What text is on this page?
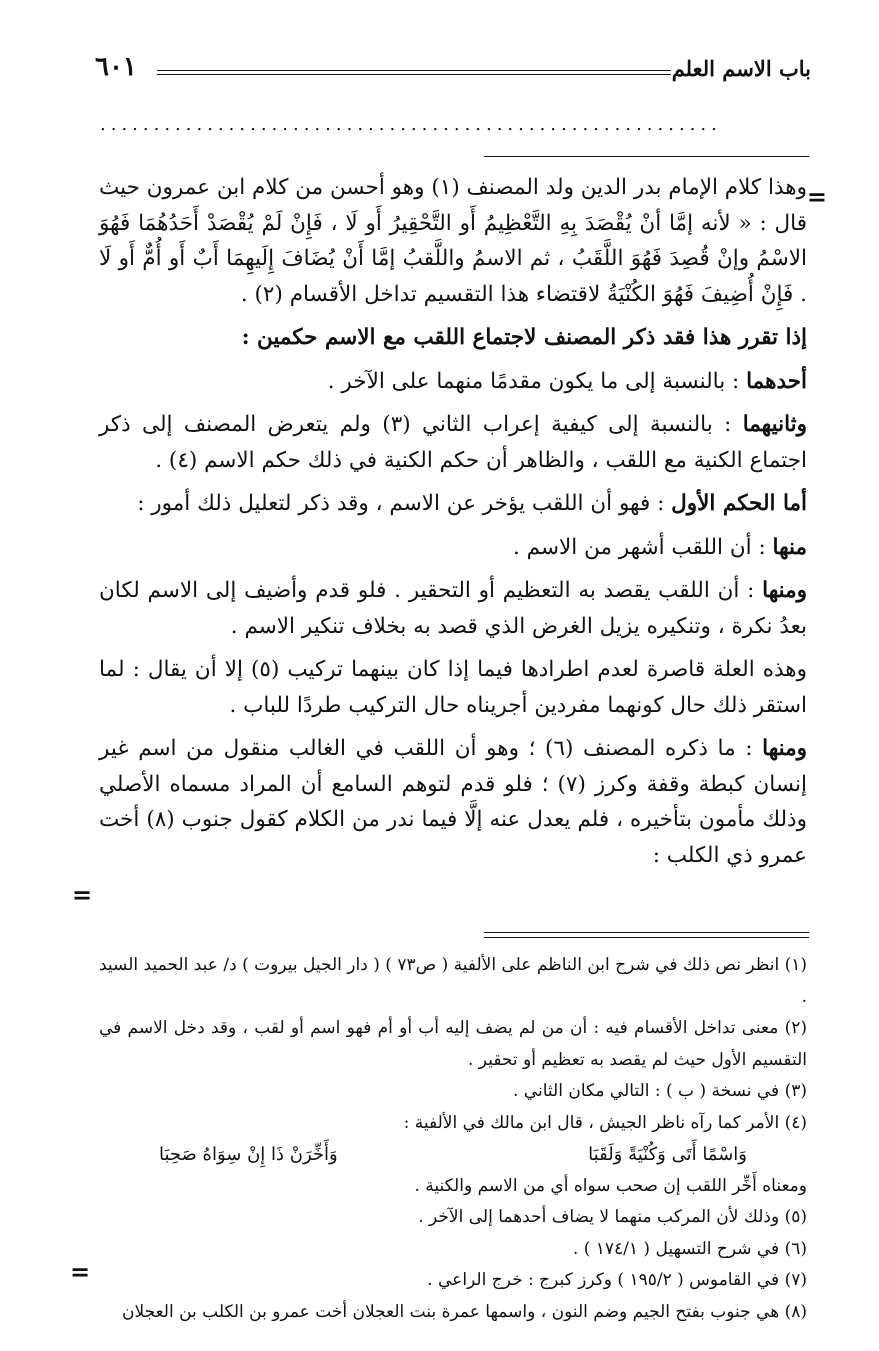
باب الاسم العلم
٦٠١
..........................................................
=

وهذا كلام الإمام بدر الدين ولد المصنف (١) وهو أحسن من كلام ابن عمرون حيث قال : « لأنه إمَّا أنْ يُقْصَدَ بِهِ التَّعْظِيمُ أَو التَّحْقِيرُ أَو لَا ، فَإِنْ لَمْ يُقْصَدْ أَحَدُهُمَا فَهُوَ الاسْمُ وإنْ قُصِدَ فَهُوَ اللَّقَبُ ، ثم الاسمُ واللَّقبُ إمَّا أَنْ يُضَافَ إِلَيهِمَا أَبٌ أَو أُمٌّ أَو لَا . فَإِنْ أُضِيفَ فَهُوَ الكُنْيَةُ لاقتضاء هذا التقسيم تداخل الأقسام (٢) .

إذا تقرر هذا فقد ذكر المصنف لاجتماع اللقب مع الاسم حكمين :

أحدهما : بالنسبة إلى ما يكون مقدمًا منهما على الآخر .

وثانيهما : بالنسبة إلى كيفية إعراب الثاني (٣) ولم يتعرض المصنف إلى ذكر اجتماع الكنية مع اللقب ، والظاهر أن حكم الكنية في ذلك حكم الاسم (٤) .

أما الحكم الأول : فهو أن اللقب يؤخر عن الاسم ، وقد ذكر لتعليل ذلك أمور :

منها : أن اللقب أشهر من الاسم .

ومنها : أن اللقب يقصد به التعظيم أو التحقير . فلو قدم وأضيف إلى الاسم لكان بعدُ نكرة ، وتنكيره يزيل الغرض الذي قصد به بخلاف تنكير الاسم .

وهذه العلة قاصرة لعدم اطرادها فيما إذا كان بينهما تركيب (٥) إلا أن يقال : لما استقر ذلك حال كونهما مفردين أجريناه حال التركيب طردًا للباب .

ومنها : ما ذكره المصنف (٦) ؛ وهو أن اللقب في الغالب منقول من اسم غير إنسان كبطة وقفة وكرز (٧) ؛ فلو قدم لتوهم السامع أن المراد مسماه الأصلي وذلك مأمون بتأخيره ، فلم يعدل عنه إلَّا فيما ندر من الكلام كقول جنوب (٨) أخت عمرو ذي الكلب :

=

(١) انظر نص ذلك في شرح ابن الناظم على الألفية ( ص٧٣ ) ( دار الجيل بيروت ) د/ عبد الحميد السيد .

(٢) معنى تداخل الأقسام فيه : أن من لم يضف إليه أب أو أم فهو اسم أو لقب ، وقد دخل الاسم في التقسيم الأول حيث لم يقصد به تعظيم أو تحقير .

(٣) في نسخة ( ب ) : التالي مكان الثاني .

(٤) الأمر كما رآه ناظر الجيش ، قال ابن مالك في الألفية :

وَاسْمًا أَتَى وَكُنْيَةً وَلَقَبَا
وَأَخِّرَنْ ذَا إِنْ سِوَاهُ صَحِبَا

ومعناه أَخِّر اللقب إن صحب سواه أي من الاسم والكنية .

(٥) وذلك لأن المركب منهما لا يضاف أحدهما إلى الآخر .

(٦) في شرح التسهيل ( ١٧٤/١ ) .

(٧) في القاموس ( ١٩٥/٢ ) وكرز كبرج : خرج الراعي .

(٨) هي جنوب بفتح الجيم وضم النون ، واسمها عمرة بنت العجلان أخت عمرو بن الكلب بن العجلان

=
